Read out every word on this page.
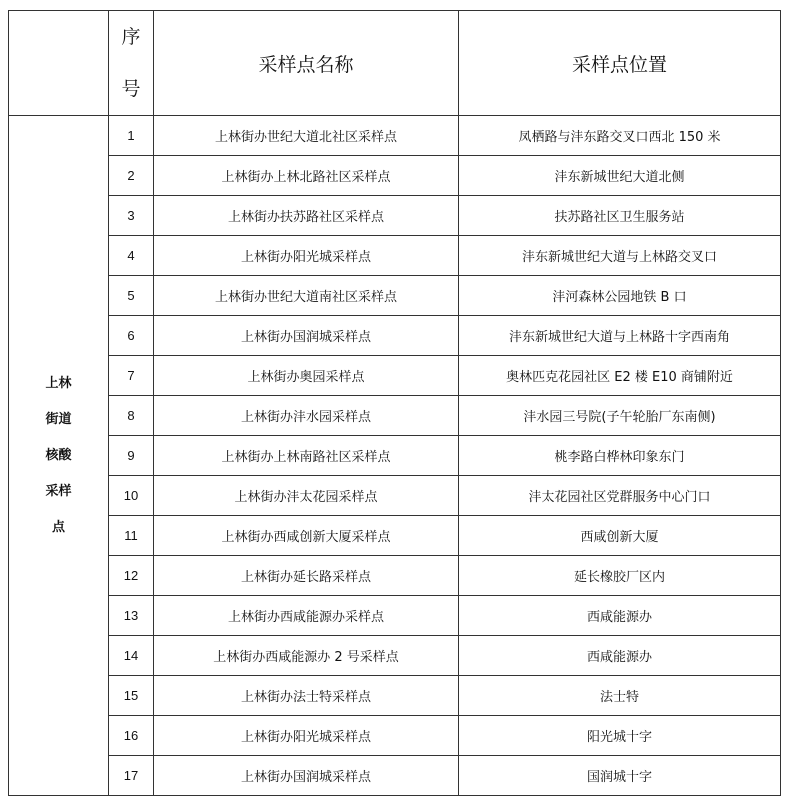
	序
号	采样点名称	采样点位置

上林街道核酸采样点	1	上林街办世纪大道北社区采样点	凤栖路与沣东路交叉口西北 150 米
	2	上林街办上林北路社区采样点	沣东新城世纪大道北侧
	3	上林街办扶苏路社区采样点	扶苏路社区卫生服务站
	4	上林街办阳光城采样点	沣东新城世纪大道与上林路交叉口
	5	上林街办世纪大道南社区采样点	沣河森林公园地铁 B 口
	6	上林街办国润城采样点	沣东新城世纪大道与上林路十字西南角
	7	上林街办奥园采样点	奥林匹克花园社区 E2 楼 E10 商铺附近
	8	上林街办沣水园采样点	沣水园三号院(子午轮胎厂东南侧)
	9	上林街办上林南路社区采样点	桃李路白桦林印象东门
	10	上林街办沣太花园采样点	沣太花园社区党群服务中心门口
	11	上林街办西咸创新大厦采样点	西咸创新大厦
	12	上林街办延长路采样点	延长橡胶厂区内
	13	上林街办西咸能源办采样点	西咸能源办
	14	上林街办西咸能源办 2 号采样点	西咸能源办
	15	上林街办法士特采样点	法士特
	16	上林街办阳光城采样点	阳光城十字
	17	上林街办国润城采样点	国润城十字
